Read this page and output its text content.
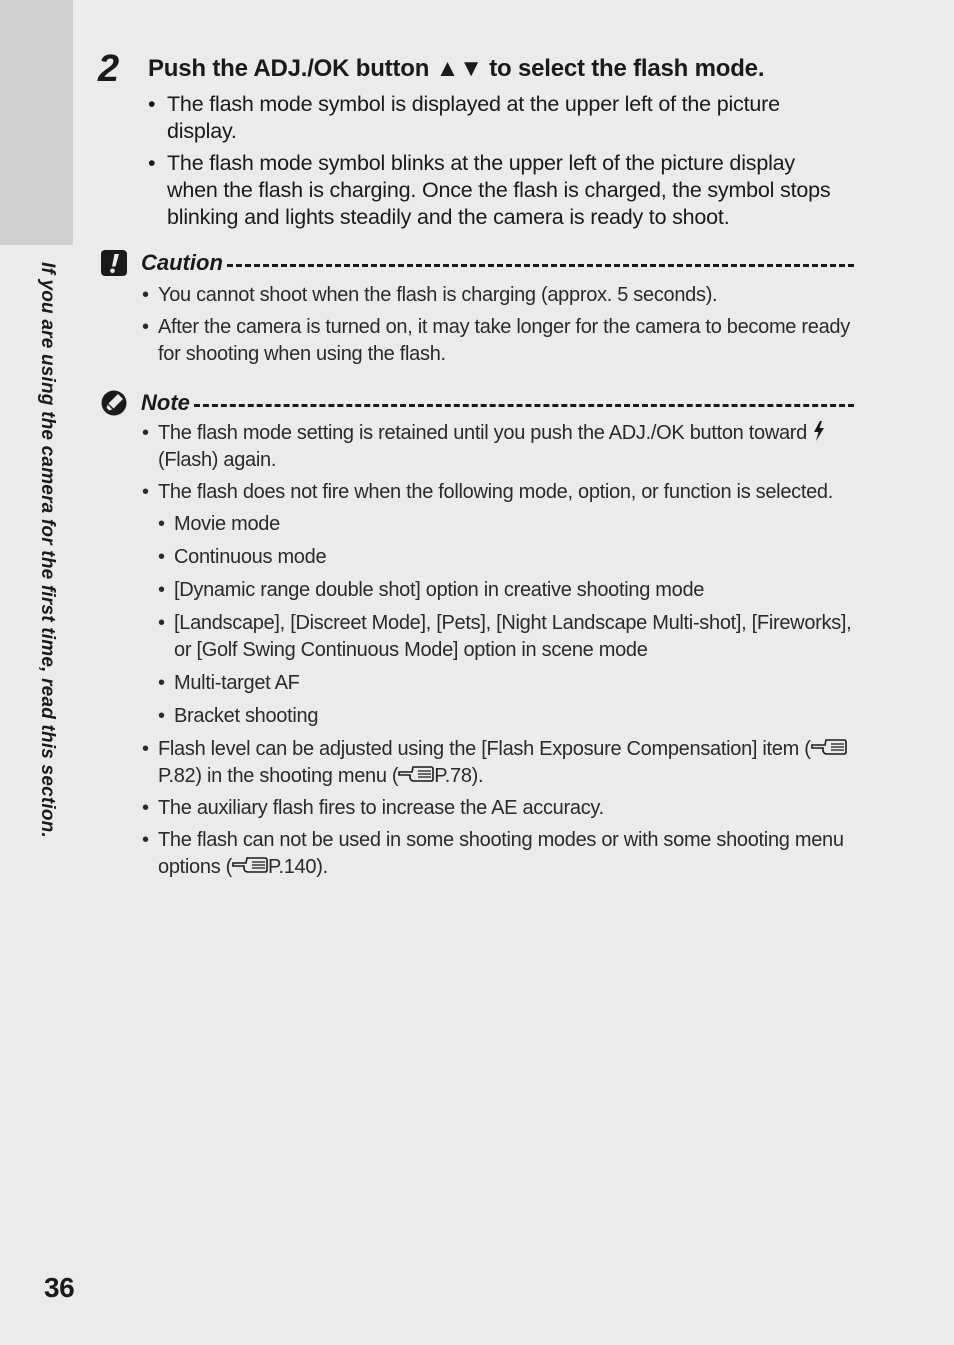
If you are using the camera for the first time, read this section.
2 Push the ADJ./OK button ▲▼ to select the flash mode.
• The flash mode symbol is displayed at the upper left of the picture display.
• The flash mode symbol blinks at the upper left of the picture display when the flash is charging. Once the flash is charged, the symbol stops blinking and lights steadily and the camera is ready to shoot.
Caution
• You cannot shoot when the flash is charging (approx. 5 seconds).
• After the camera is turned on, it may take longer for the camera to become ready for shooting when using the flash.
Note
• The flash mode setting is retained until you push the ADJ./OK button toward  (Flash) again.
• The flash does not fire when the following mode, option, or function is selected.
• Movie mode
• Continuous mode
• [Dynamic range double shot] option in creative shooting mode
• [Landscape], [Discreet Mode], [Pets], [Night Landscape Multi-shot], [Fireworks], or [Golf Swing Continuous Mode] option in scene mode
• Multi-target AF
• Bracket shooting
• Flash level can be adjusted using the [Flash Exposure Compensation] item (P.82) in the shooting menu ( P.78).
• The auxiliary flash fires to increase the AE accuracy.
• The flash can not be used in some shooting modes or with some shooting menu options ( P.140).
36
